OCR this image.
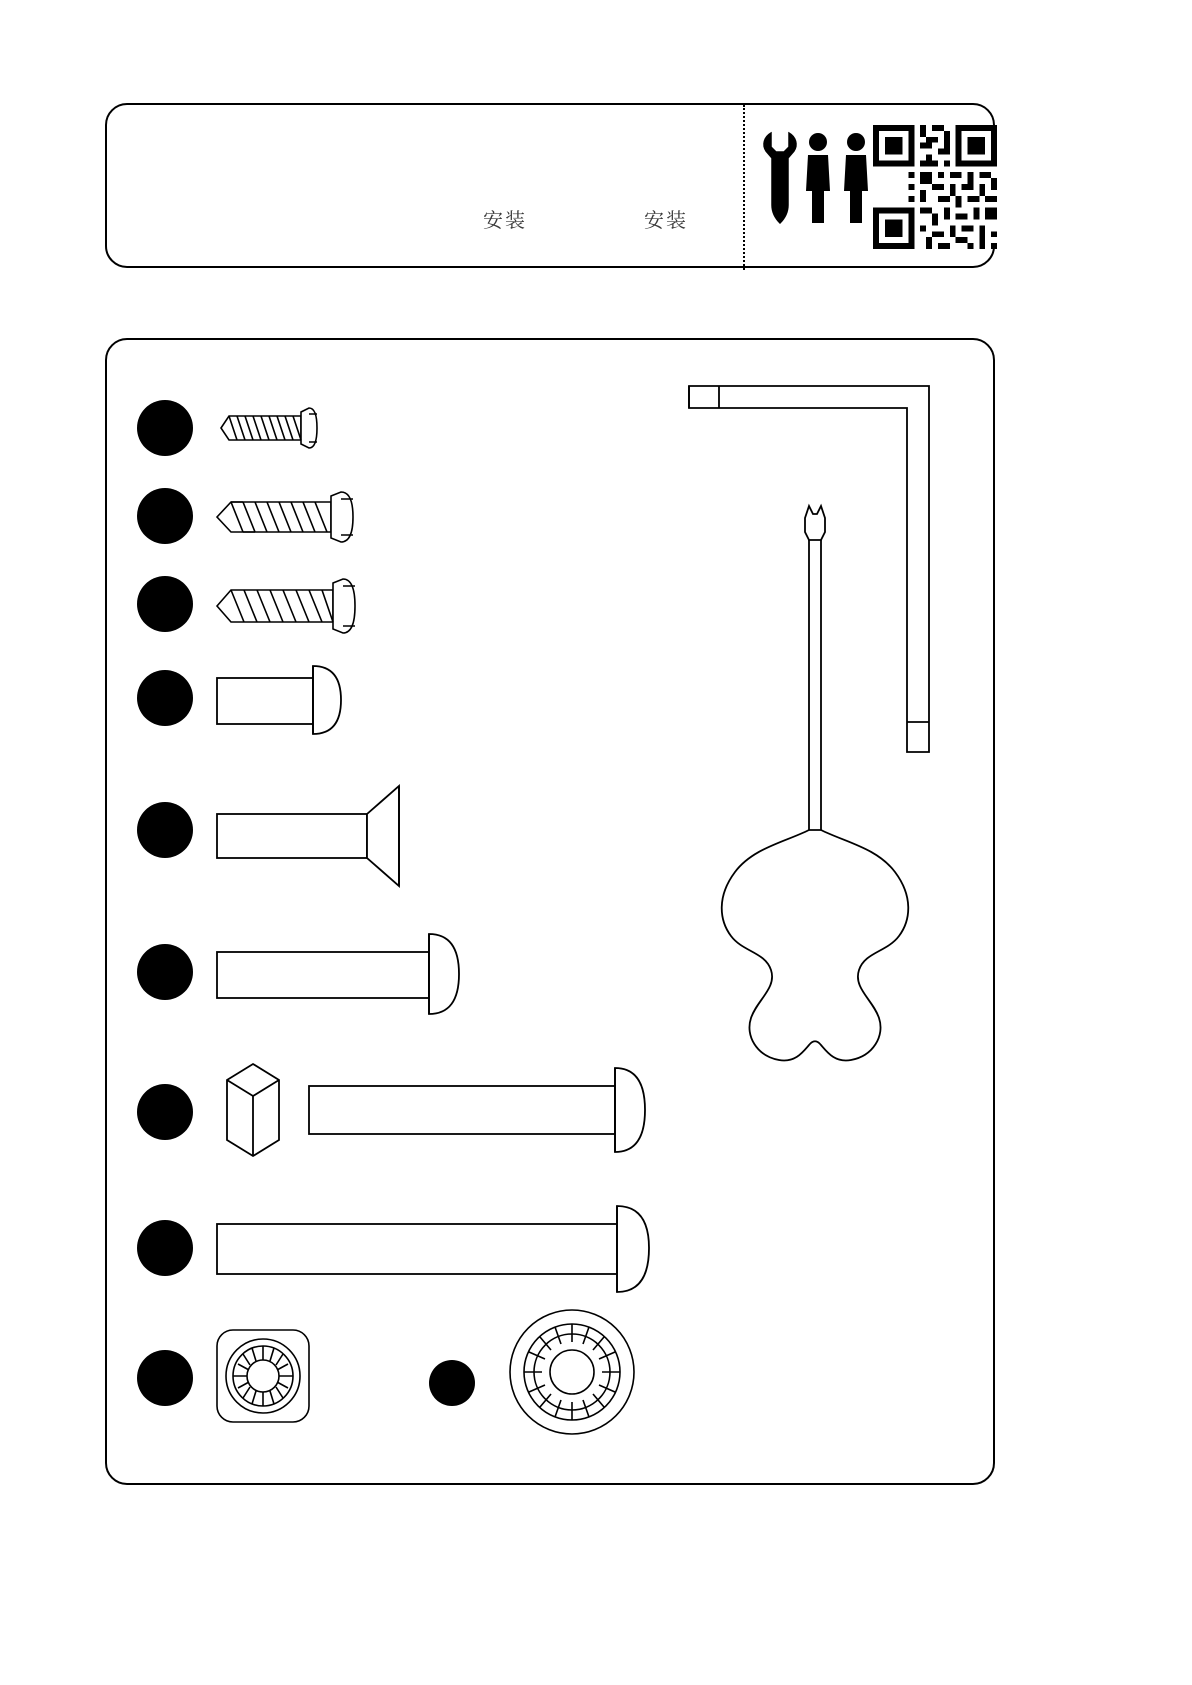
安装	安装
